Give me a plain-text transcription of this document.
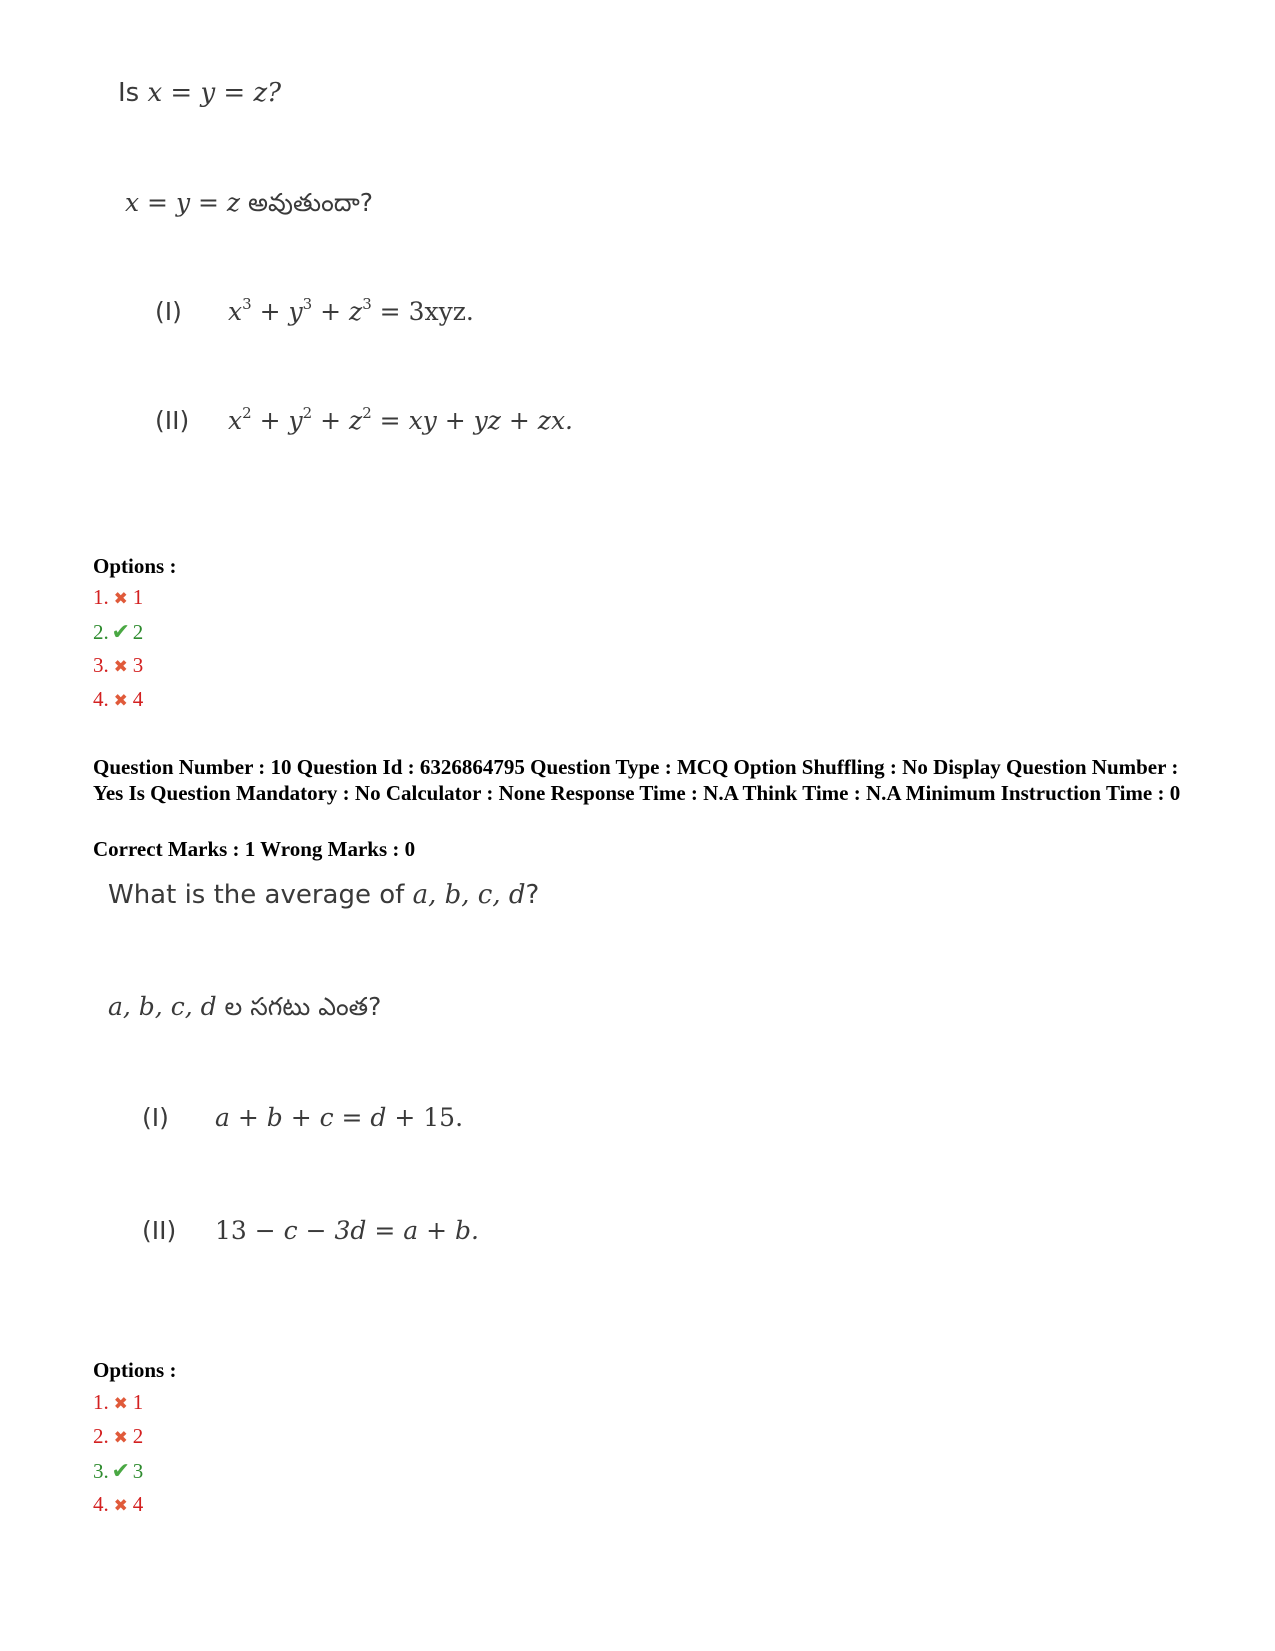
Is x = y = z?
x = y = z అవుతుందా?
(I) $x^3 + y^3 + z^3 = 3xyz$.
(II) $x^2 + y^2 + z^2$ = xy + yz + zx.
Options :
1. ✖ 1
2. ✔ 2
3. ✖ 3
4. ✖ 4
Question Number : 10 Question Id : 6326864795 Question Type : MCQ Option Shuffling : No Display Question Number : Yes Is Question Mandatory : No Calculator : None Response Time : N.A Think Time : N.A Minimum Instruction Time : 0
Correct Marks : 1 Wrong Marks : 0
What is the average of a, b, c, d?
a, b, c, d ల సగటు ఎంత?
(I) a + b + c = d + 15.
(II) 13 − c − 3d = a + b.
Options :
1. ✖ 1
2. ✖ 2
3. ✔ 3
4. ✖ 4
